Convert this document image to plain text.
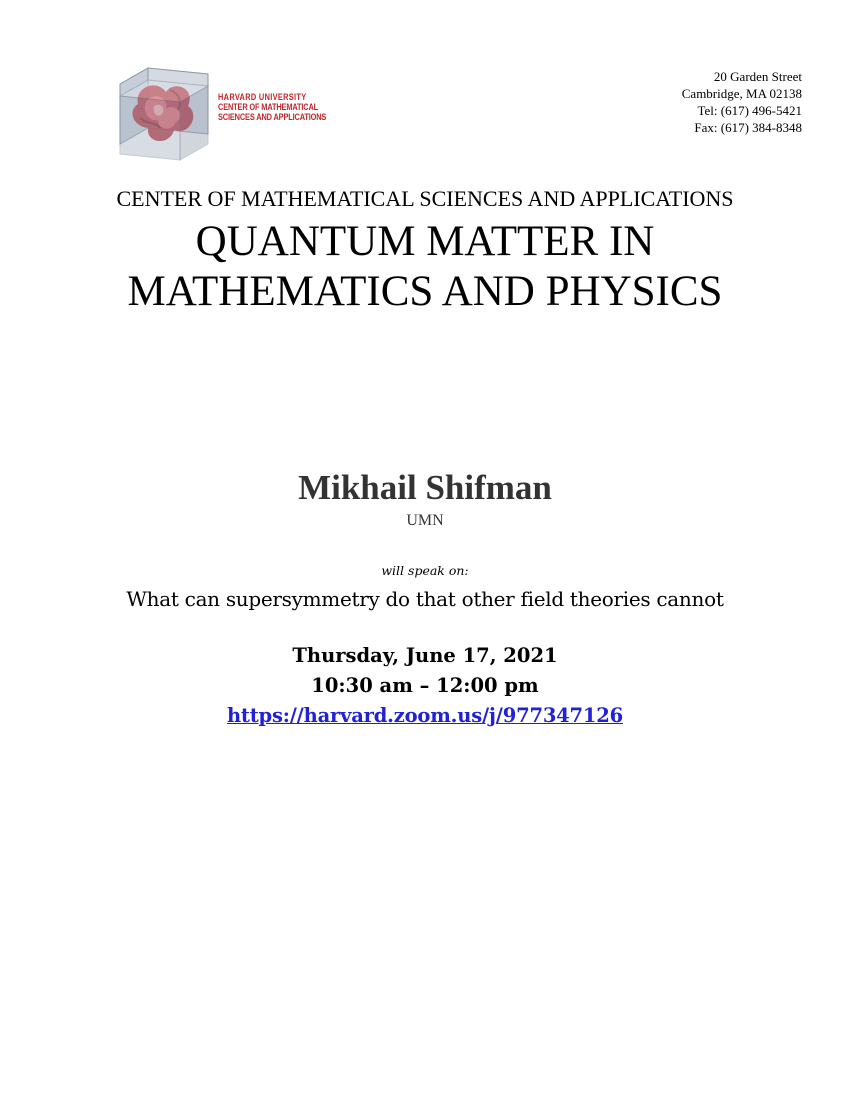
HARVARD UNIVERSITY
CENTER OF MATHEMATICAL
SCIENCES AND APPLICATIONS
20 Garden Street
Cambridge, MA 02138
Tel: (617) 496-5421
Fax: (617) 384-8348
CENTER OF MATHEMATICAL SCIENCES AND APPLICATIONS
QUANTUM MATTER IN
MATHEMATICS AND PHYSICS
Mikhail Shifman
UMN
will speak on:
What can supersymmetry do that other field theories cannot
Thursday, June 17, 2021
10:30 am – 12:00 pm
https://harvard.zoom.us/j/977347126
